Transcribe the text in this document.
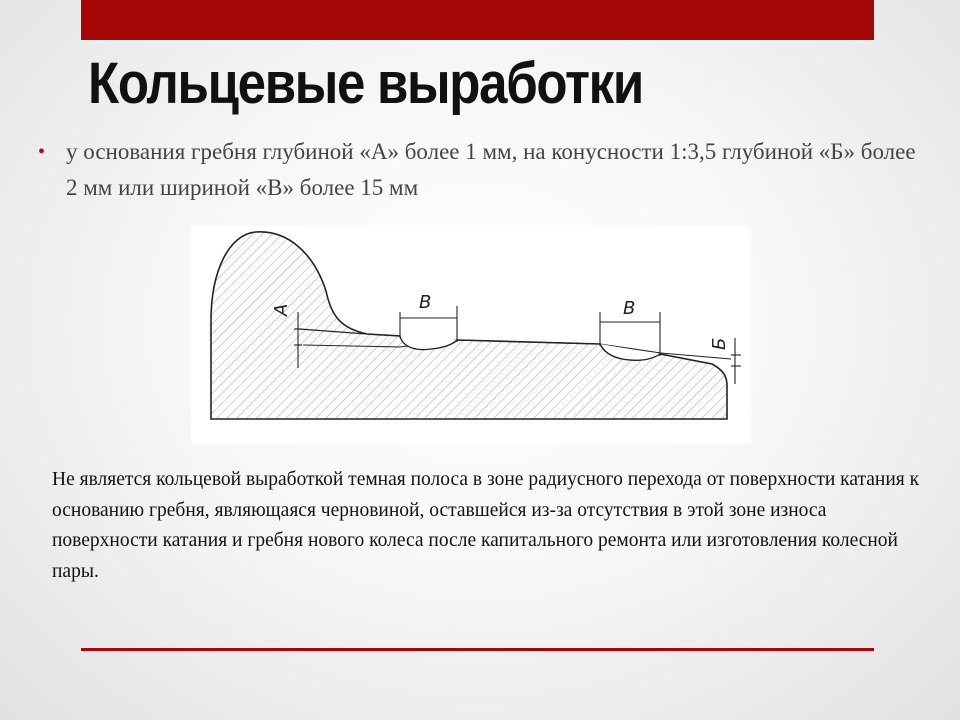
Кольцевые выработки
• у основания гребня глубиной «А» более 1 мм, на конусности 1:3,5 глубиной «Б» более 2 мм или шириной «В» более 15 мм
А	В	В
Б
Не является кольцевой выработкой темная полоса в зоне радиусного перехода от поверхности катания к основанию гребня, являющаяся черновиной, оставшейся из-за отсутствия в этой зоне износа поверхности катания и гребня нового колеса после капитального ремонта или изготовления колесной пары.
